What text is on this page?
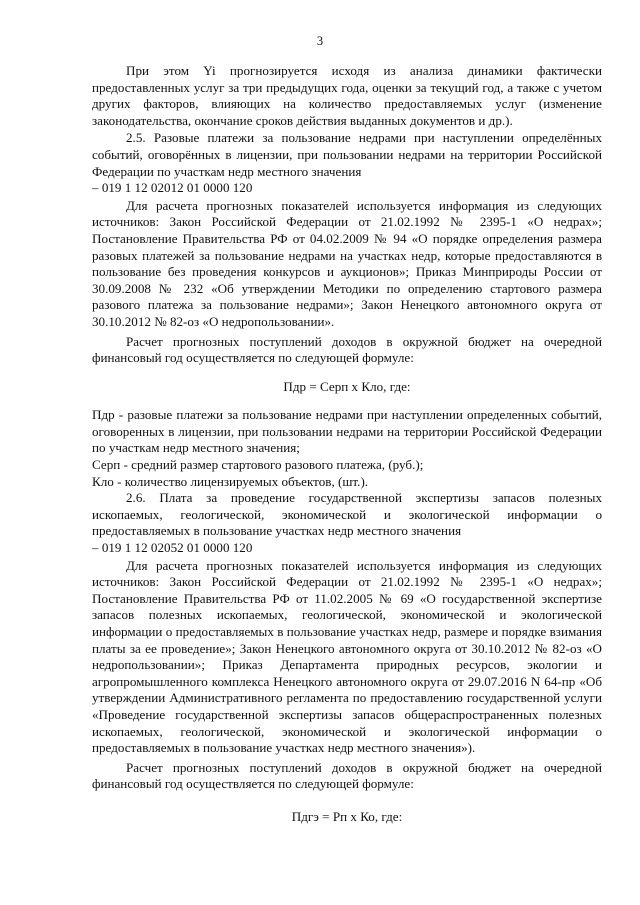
3

При этом Yi прогнозируется исходя из анализа динамики фактически предоставленных услуг за три предыдущих года, оценки за текущий год, а также с учетом других факторов, влияющих на количество предоставляемых услуг (изменение законодательства, окончание сроков действия выданных документов и др.).

2.5. Разовые платежи за пользование недрами при наступлении определённых событий, оговорённых в лицензии, при пользовании недрами на территории Российской Федерации по участкам недр местного значения

– 019 1 12 02012 01 0000 120

Для расчета прогнозных показателей используется информация из следующих источников: Закон Российской Федерации от 21.02.1992 № 2395-1 «О недрах»; Постановление Правительства РФ от 04.02.2009 № 94 «О порядке определения размера разовых платежей за пользование недрами на участках недр, которые предоставляются в пользование без проведения конкурсов и аукционов»; Приказ Минприроды России от 30.09.2008 № 232 «Об утверждении Методики по определению стартового размера разового платежа за пользование недрами»; Закон Ненецкого автономного округа от 30.10.2012 № 82-оз «О недропользовании».

Расчет прогнозных поступлений доходов в окружной бюджет на очередной финансовый год осуществляется по следующей формуле:

Пдр = Серп х Кло, где:

Пдр - разовые платежи за пользование недрами при наступлении определенных событий, оговоренных в лицензии, при пользовании недрами на территории Российской Федерации по участкам недр местного значения;

Серп - средний размер стартового разового платежа, (руб.);

Кло - количество лицензируемых объектов, (шт.).

2.6. Плата за проведение государственной экспертизы запасов полезных ископаемых, геологической, экономической и экологической информации о предоставляемых в пользование участках недр местного значения

– 019 1 12 02052 01 0000 120

Для расчета прогнозных показателей используется информация из следующих источников: Закон Российской Федерации от 21.02.1992 № 2395-1 «О недрах»; Постановление Правительства РФ от 11.02.2005 № 69 «О государственной экспертизе запасов полезных ископаемых, геологической, экономической и экологической информации о предоставляемых в пользование участках недр, размере и порядке взимания платы за ее проведение»; Закон Ненецкого автономного округа от 30.10.2012 № 82-оз «О недропользовании»; Приказ Департамента природных ресурсов, экологии и агропромышленного комплекса Ненецкого автономного округа от 29.07.2016 N 64-пр «Об утверждении Административного регламента по предоставлению государственной услуги «Проведение государственной экспертизы запасов общераспространенных полезных ископаемых, геологической, экономической и экологической информации о предоставляемых в пользование участках недр местного значения»).

Расчет прогнозных поступлений доходов в окружной бюджет на очередной финансовый год осуществляется по следующей формуле:

Пдгэ = Рп х Ко, где:
